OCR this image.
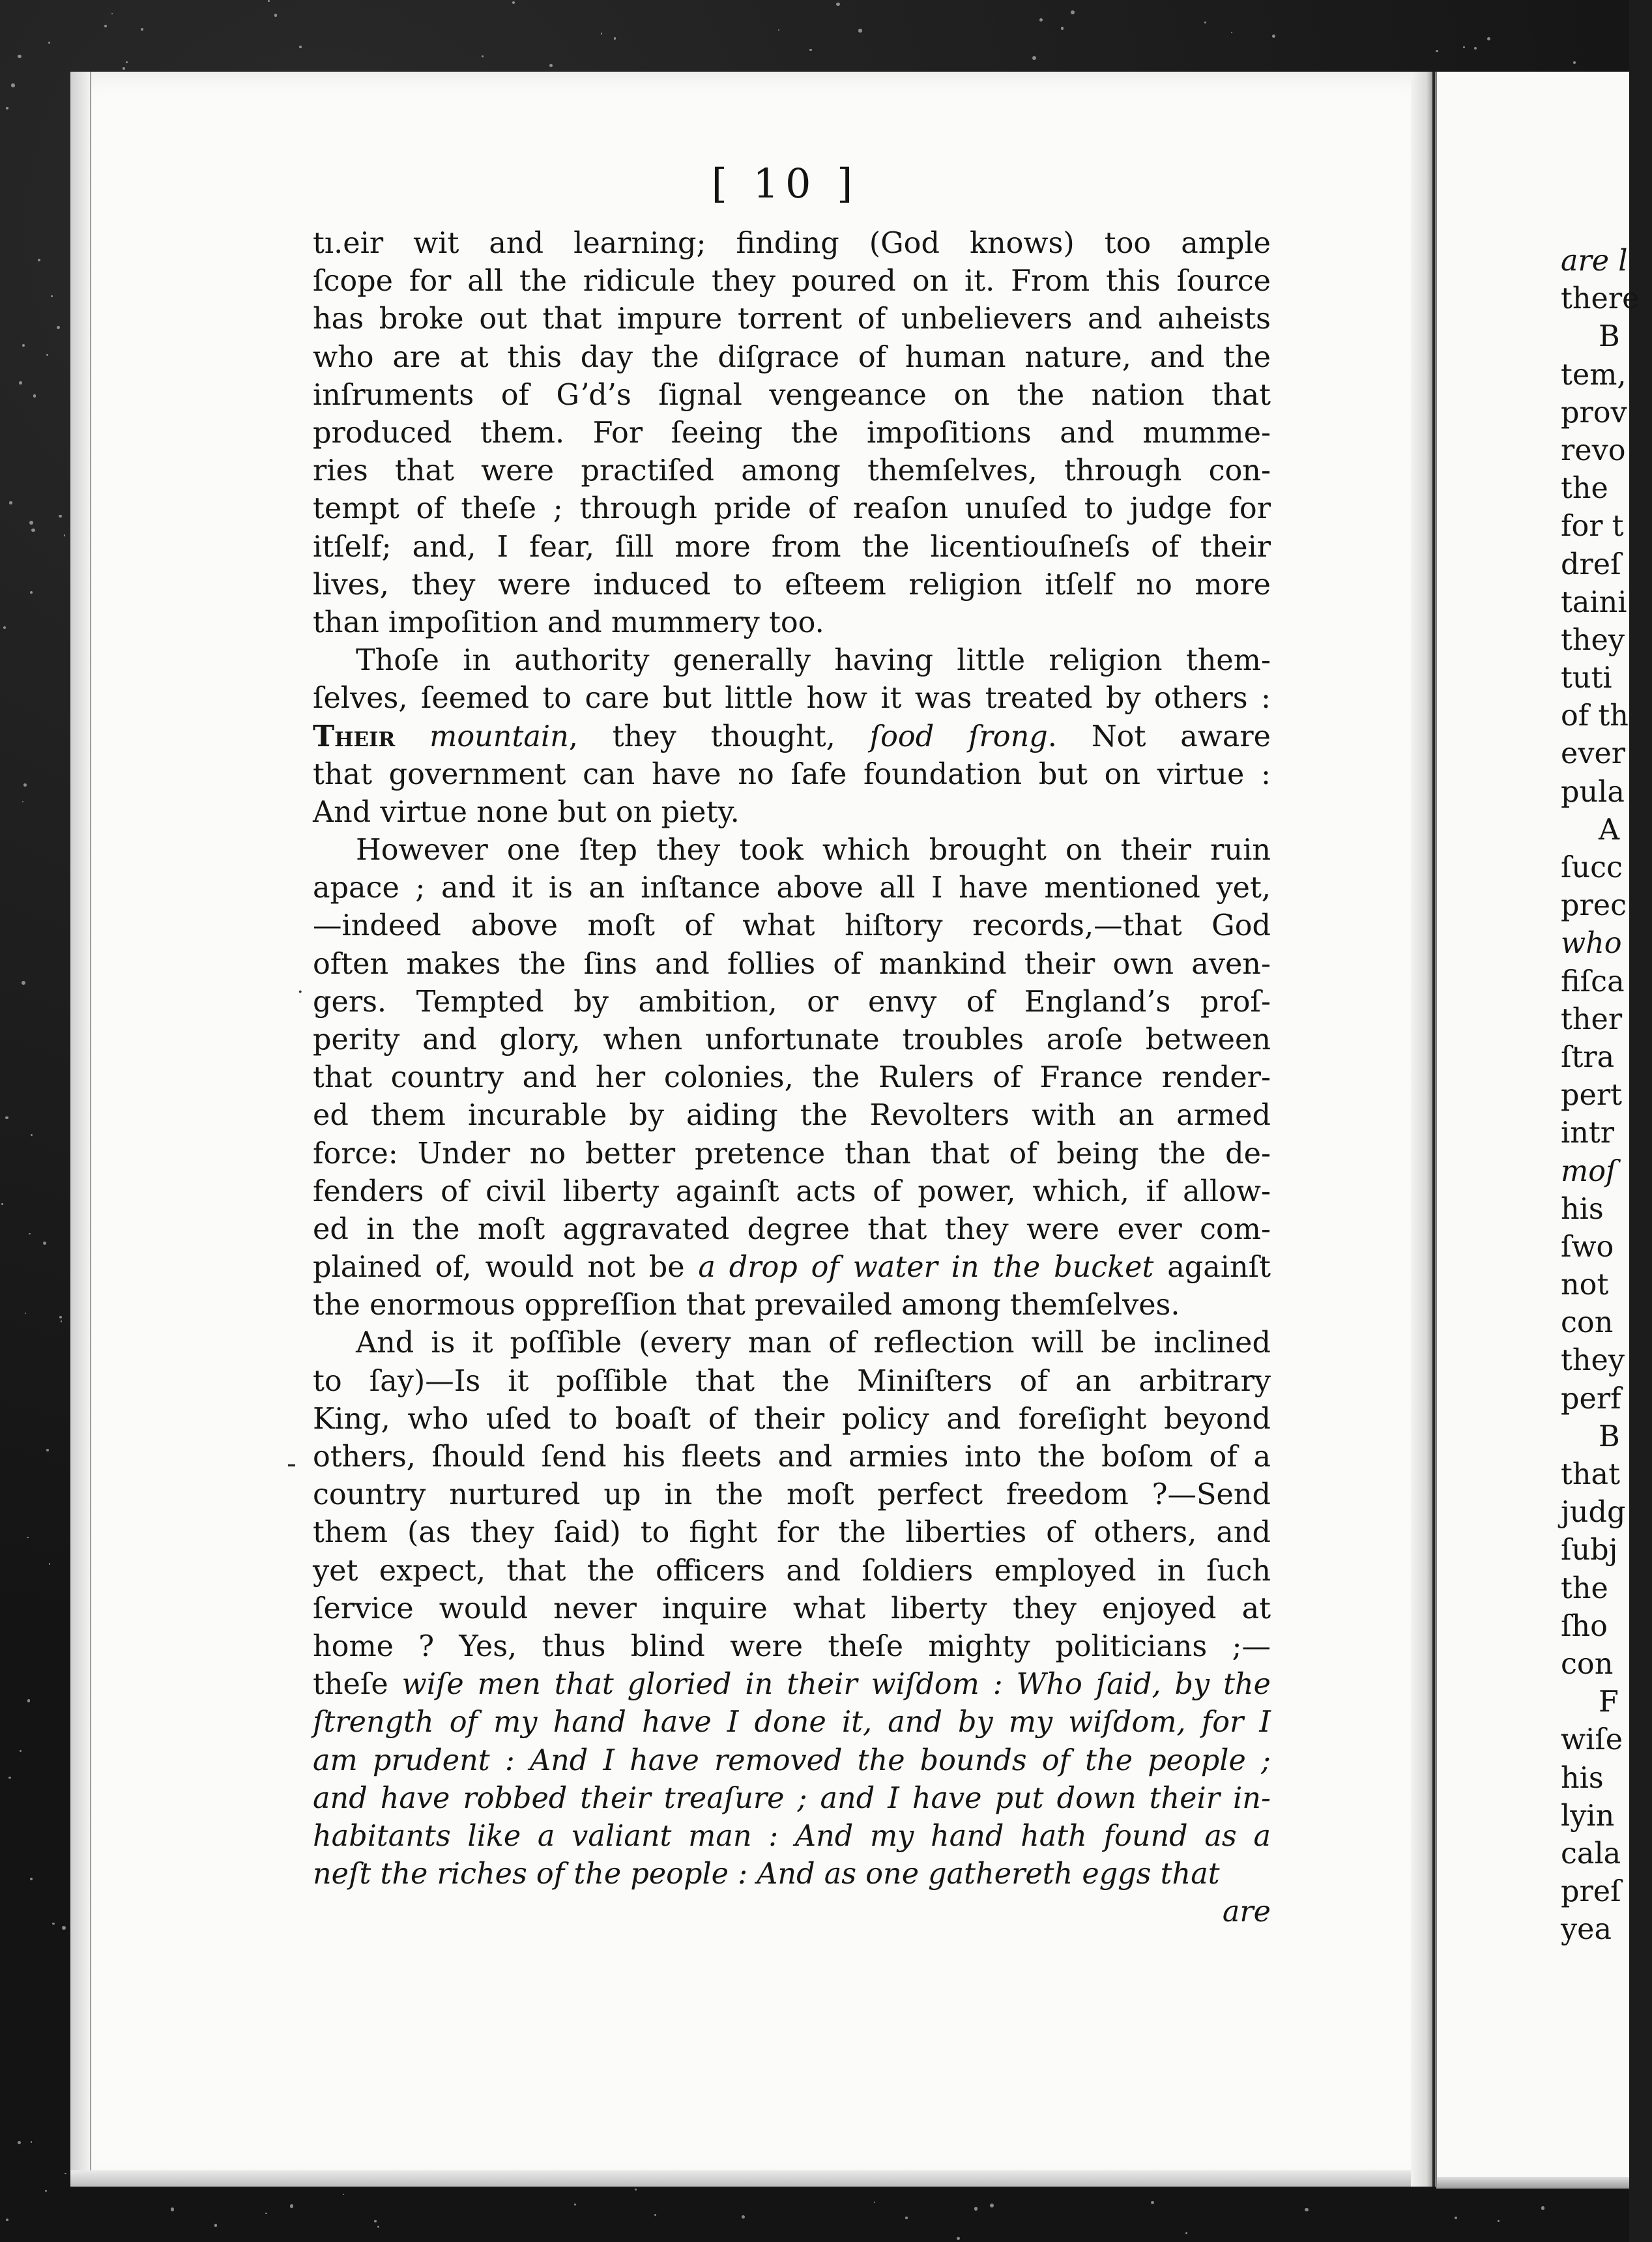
[ 10 ]
·
-
tı.eir wit and learning; finding (God knows) too ample
ſcope for all the ridicule they poured on it. From this ſource
has broke out that impure torrent of unbelievers and aıheists
who are at this day the diſgrace of human nature, and the
inſruments of Gʼd’s ſignal vengeance on the nation that
produced them. For ſeeing the impoſitions and mumme-
ries that were practiſed among themſelves, through con-
tempt of theſe ; through pride of reaſon unuſed to judge for
itſelf; and, I fear, ſill more from the licentiouſneſs of their
lives, they were induced to eſteem religion itſelf no more
than impoſition and mummery too.
Thoſe in authority generally having little religion them-
ſelves, ſeemed to care but little how it was treated by others :
Their mountain, they thought, ſood ſrong. Not aware
that government can have no ſafe foundation but on virtue :
And virtue none but on piety.
However one ſtep they took which brought on their ruin
apace ; and it is an inſtance above all I have mentioned yet,
—indeed above moſt of what hiſtory records,—that God
often makes the ſins and follies of mankind their own aven-
gers. Tempted by ambition, or envy of England’s proſ-
perity and glory, when unfortunate troubles aroſe between
that country and her colonies, the Rulers of France render-
ed them incurable by aiding the Revolters with an armed
force: Under no better pretence than that of being the de-
fenders of civil liberty againſt acts of power, which, if allow-
ed in the moſt aggravated degree that they were ever com-
plained of, would not be a drop of water in the bucket againſt
the enormous oppreſſion that prevailed among themſelves.
And is it poſſible (every man of reflection will be inclined
to ſay)—Is it poſſible that the Miniſters of an arbitrary
King, who uſed to boaſt of their policy and foreſight beyond
others, ſhould ſend his fleets and armies into the boſom of a
country nurtured up in the moſt perfect freedom ?—Send
them (as they ſaid) to fight for the liberties of others, and
yet expect, that the officers and ſoldiers employed in ſuch
ſervice would never inquire what liberty they enjoyed at
home ? Yes, thus blind were theſe mighty politicians ;—
theſe wiſe men that gloried in their wiſdom : Who ſaid, by the
ſtrength of my hand have I done it, and by my wiſdom, for I
am prudent : And I have removed the bounds of the people ;
and have robbed their treaſure ; and I have put down their in-
habitants like a valiant man : And my hand hath found as a
neſt the riches of the people : And as one gathereth eggs that
are
are l
there
B
tem,
prov
revo
the
for t
dreſ
taini
they
tuti
of th
ever
pula
A
ſucc
prec
who
fiſca
ther
ſtra
pert
intr
moſ
his
ſwo
not
con
they
perf
B
that
judg
ſubj
the
ſho
con
F
wiſe
his
lyin
cala
preſ
yea
